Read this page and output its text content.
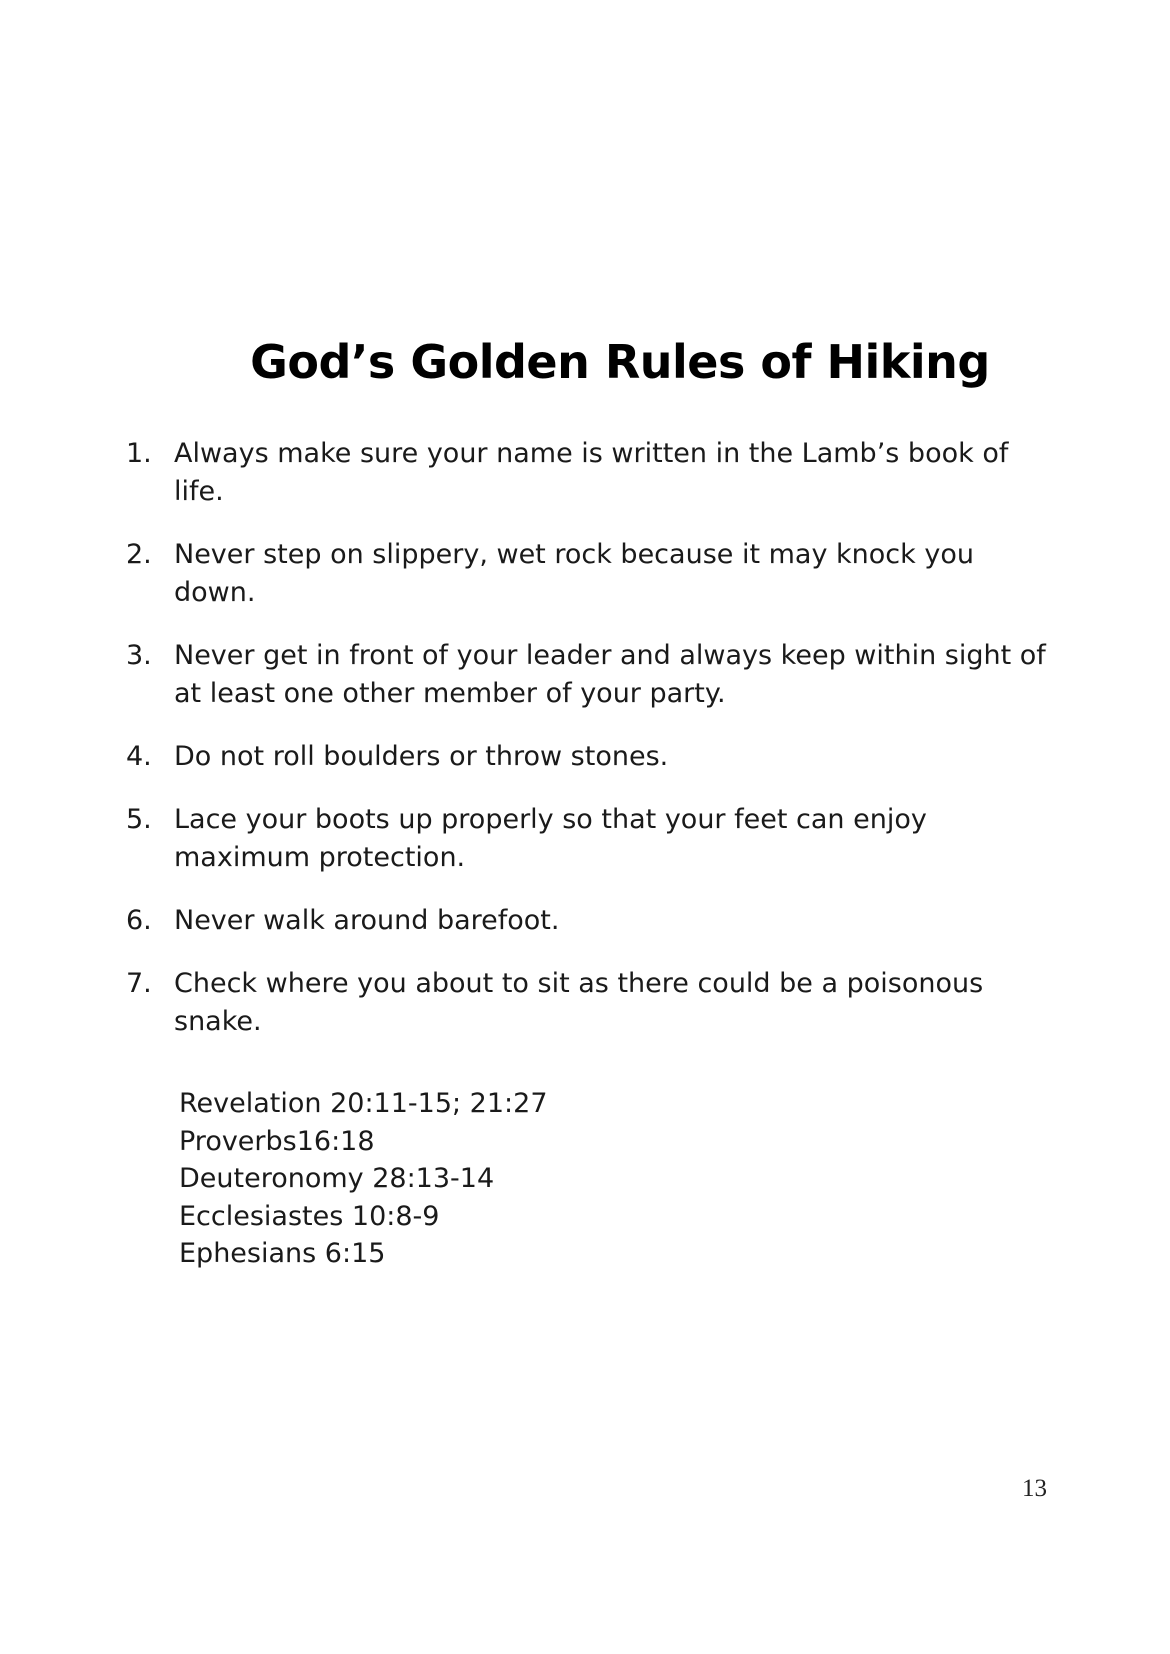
God’s Golden Rules of Hiking
1. Always make sure your name is written in the Lamb’s book of life.
2. Never step on slippery, wet rock because it may knock you down.
3. Never get in front of your leader and always keep within sight of at least one other member of your party.
4. Do not roll boulders or throw stones.
5. Lace your boots up properly so that your feet can enjoy maximum protection.
6. Never walk around barefoot.
7. Check where you about to sit as there could be a poisonous snake.
Revelation 20:11-15; 21:27
Proverbs16:18
Deuteronomy 28:13-14
Ecclesiastes 10:8-9
Ephesians 6:15
13
